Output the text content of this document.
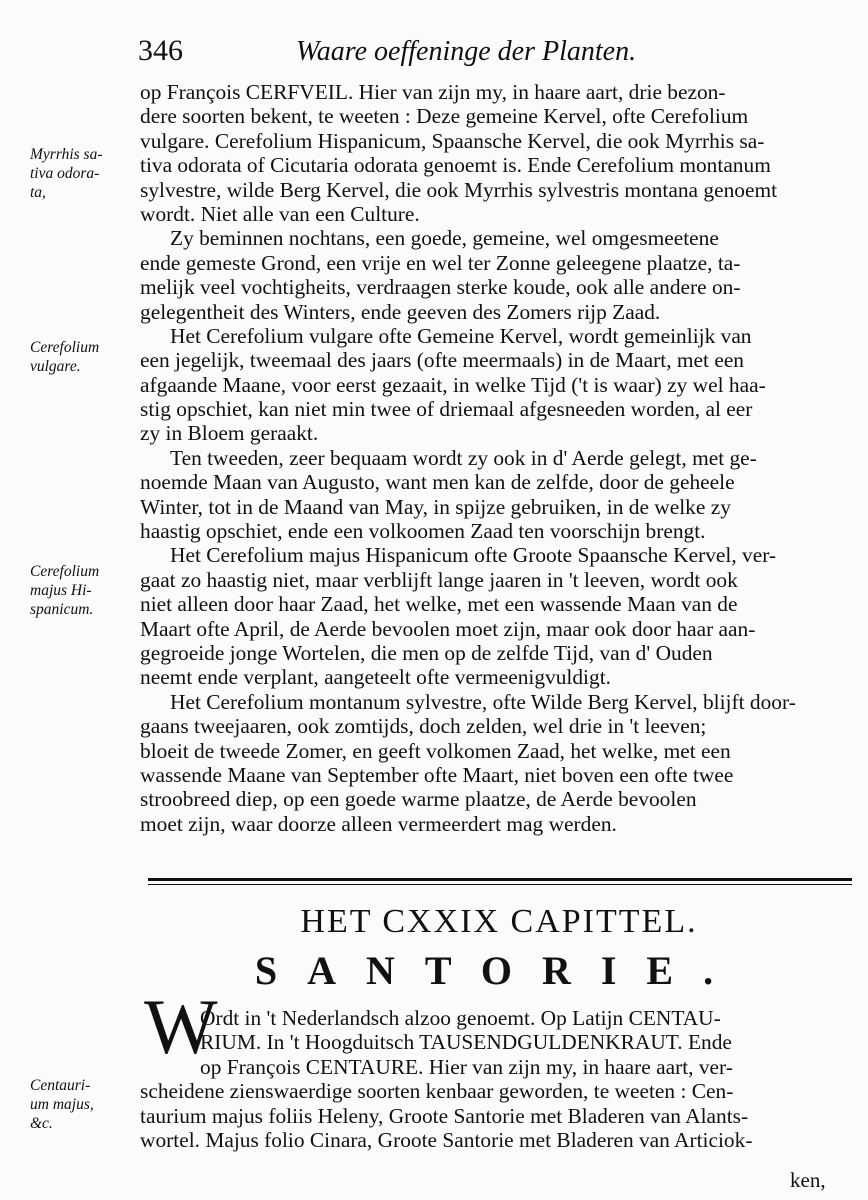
346	Waare oeffeninge der Planten.
op François CERFVEIL. Hier van zijn my, in haare aart, drie bezon-
dere soorten bekent, te weeten : Deze gemeine Kervel, ofte Cerefolium
vulgare. Cerefolium Hispanicum, Spaansche Kervel, die ook Myrrhis sa-
tiva odorata of Cicutaria odorata genoemt is. Ende Cerefolium montanum
sylvestre, wilde Berg Kervel, die ook Myrrhis sylvestris montana genoemt
wordt. Niet alle van een Culture.
Zy beminnen nochtans, een goede, gemeine, wel omgesmeetene
ende gemeste Grond, een vrije en wel ter Zonne geleegene plaatze, ta-
melijk veel vochtigheits, verdraagen sterke koude, ook alle andere on-
gelegentheit des Winters, ende geeven des Zomers rijp Zaad.
Het Cerefolium vulgare ofte Gemeine Kervel, wordt gemeinlijk van
een jegelijk, tweemaal des jaars (ofte meermaals) in de Maart, met een
afgaande Maane, voor eerst gezaait, in welke Tijd ('t is waar) zy wel haa-
stig opschiet, kan niet min twee of driemaal afgesneeden worden, al eer
zy in Bloem geraakt.
Ten tweeden, zeer bequaam wordt zy ook in d' Aerde gelegt, met ge-
noemde Maan van Augusto, want men kan de zelfde, door de geheele
Winter, tot in de Maand van May, in spijze gebruiken, in de welke zy
haastig opschiet, ende een volkoomen Zaad ten voorschijn brengt.
Het Cerefolium majus Hispanicum ofte Groote Spaansche Kervel, ver-
gaat zo haastig niet, maar verblijft lange jaaren in 't leeven, wordt ook
niet alleen door haar Zaad, het welke, met een wassende Maan van de
Maart ofte April, de Aerde bevoolen moet zijn, maar ook door haar aan-
gegroeide jonge Wortelen, die men op de zelfde Tijd, van d' Ouden
neemt ende verplant, aangeteelt ofte vermeenigvuldigt.
Het Cerefolium montanum sylvestre, ofte Wilde Berg Kervel, blijft door-
gaans tweejaaren, ook zomtijds, doch zelden, wel drie in 't leeven;
bloeit de tweede Zomer, en geeft volkomen Zaad, het welke, met een
wassende Maane van September ofte Maart, niet boven een ofte twee
stroobreed diep, op een goede warme plaatze, de Aerde bevoolen
moet zijn, waar doorze alleen vermeerdert mag werden.
Myrrhis sa-
tiva odora-
ta,
Cerefolium
vulgare.
Cerefolium
majus Hi-
spanicum.
Centauri-
um majus,
&c.
HET CXXIX CAPITTEL.
SANTORIE.
W
Ordt in 't Nederlandsch alzoo genoemt. Op Latijn CENTAU-
RIUM. In 't Hoogduitsch TAUSENDGULDENKRAUT. Ende
op François CENTAURE. Hier van zijn my, in haare aart, ver-
scheidene zienswaerdige soorten kenbaar geworden, te weeten : Cen-
taurium majus foliis Heleny, Groote Santorie met Bladeren van Alants-
wortel. Majus folio Cinara, Groote Santorie met Bladeren van Articiok-
ken,
